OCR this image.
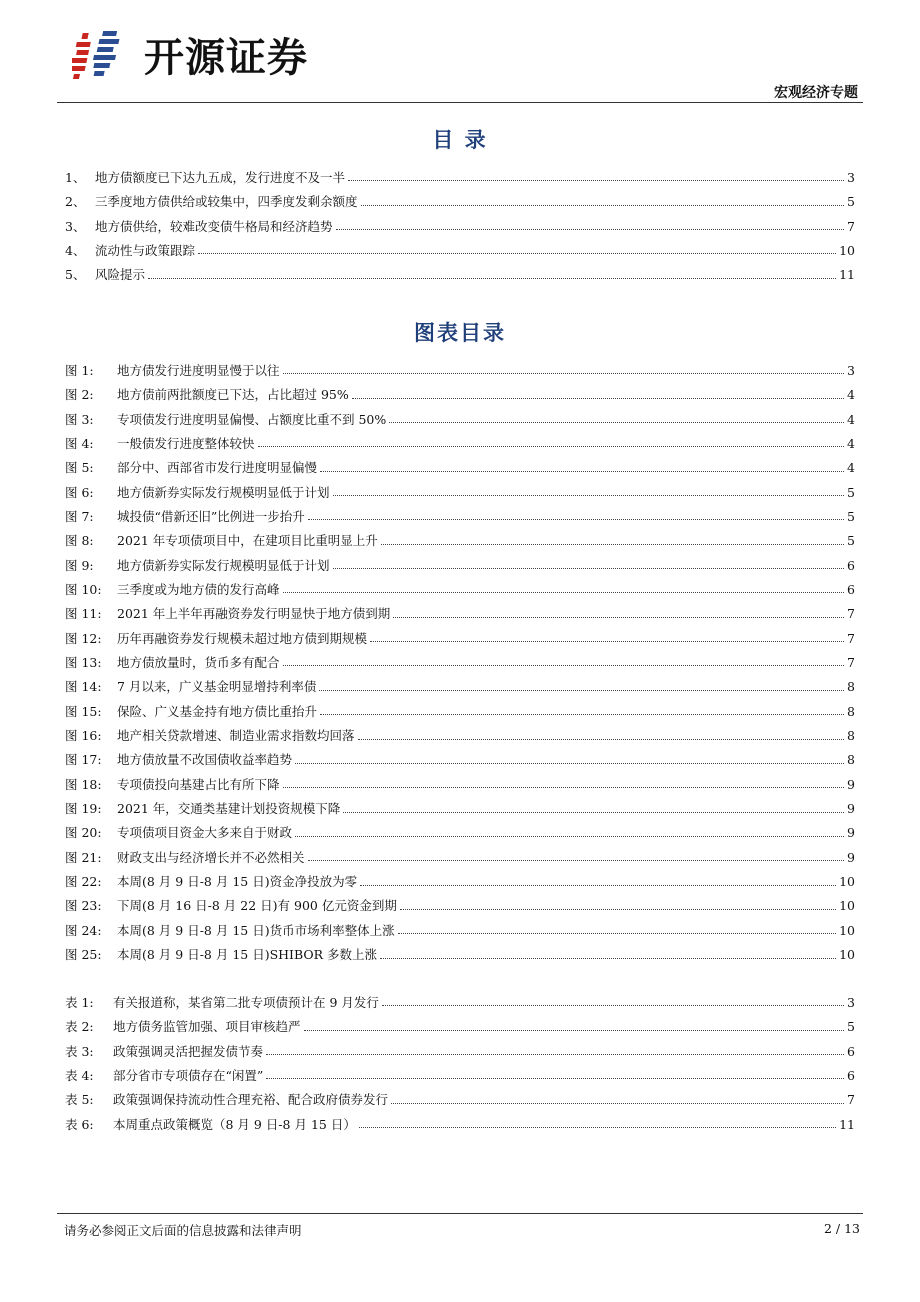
开源证券
宏观经济专题
目 录
1、 地方债额度已下达九五成，发行进度不及一半	3
2、 三季度地方债供给或较集中，四季度发剩余额度	5
3、 地方债供给，较难改变债牛格局和经济趋势	7
4、 流动性与政策跟踪	10
5、 风险提示	11
图表目录
图 1:	地方债发行进度明显慢于以往	3
图 2:	地方债前两批额度已下达，占比超过 95%	4
图 3:	专项债发行进度明显偏慢、占额度比重不到 50%	4
图 4:	一般债发行进度整体较快	4
图 5:	部分中、西部省市发行进度明显偏慢	4
图 6:	地方债新券实际发行规模明显低于计划	5
图 7:	城投债“借新还旧”比例进一步抬升	5
图 8:	2021 年专项债项目中，在建项目比重明显上升	5
图 9:	地方债新券实际发行规模明显低于计划	6
图 10:	三季度或为地方债的发行高峰	6
图 11:	2021 年上半年再融资券发行明显快于地方债到期	7
图 12:	历年再融资券发行规模未超过地方债到期规模	7
图 13:	地方债放量时，货币多有配合	7
图 14:	7 月以来，广义基金明显增持利率债	8
图 15:	保险、广义基金持有地方债比重抬升	8
图 16:	地产相关贷款增速、制造业需求指数均回落	8
图 17:	地方债放量不改国债收益率趋势	8
图 18:	专项债投向基建占比有所下降	9
图 19:	2021 年，交通类基建计划投资规模下降	9
图 20:	专项债项目资金大多来自于财政	9
图 21:	财政支出与经济增长并不必然相关	9
图 22:	本周(8 月 9 日-8 月 15 日)资金净投放为零	10
图 23:	下周(8 月 16 日-8 月 22 日)有 900 亿元资金到期	10
图 24:	本周(8 月 9 日-8 月 15 日)货币市场利率整体上涨	10
图 25:	本周(8 月 9 日-8 月 15 日)SHIBOR 多数上涨	10
表 1:	有关报道称，某省第二批专项债预计在 9 月发行	3
表 2:	地方债务监管加强、项目审核趋严	5
表 3:	政策强调灵活把握发债节奏	6
表 4:	部分省市专项债存在“闲置”	6
表 5:	政策强调保持流动性合理充裕、配合政府债券发行	7
表 6:	本周重点政策概览（8 月 9 日-8 月 15 日）	11
请务必参阅正文后面的信息披露和法律声明	2 / 13
